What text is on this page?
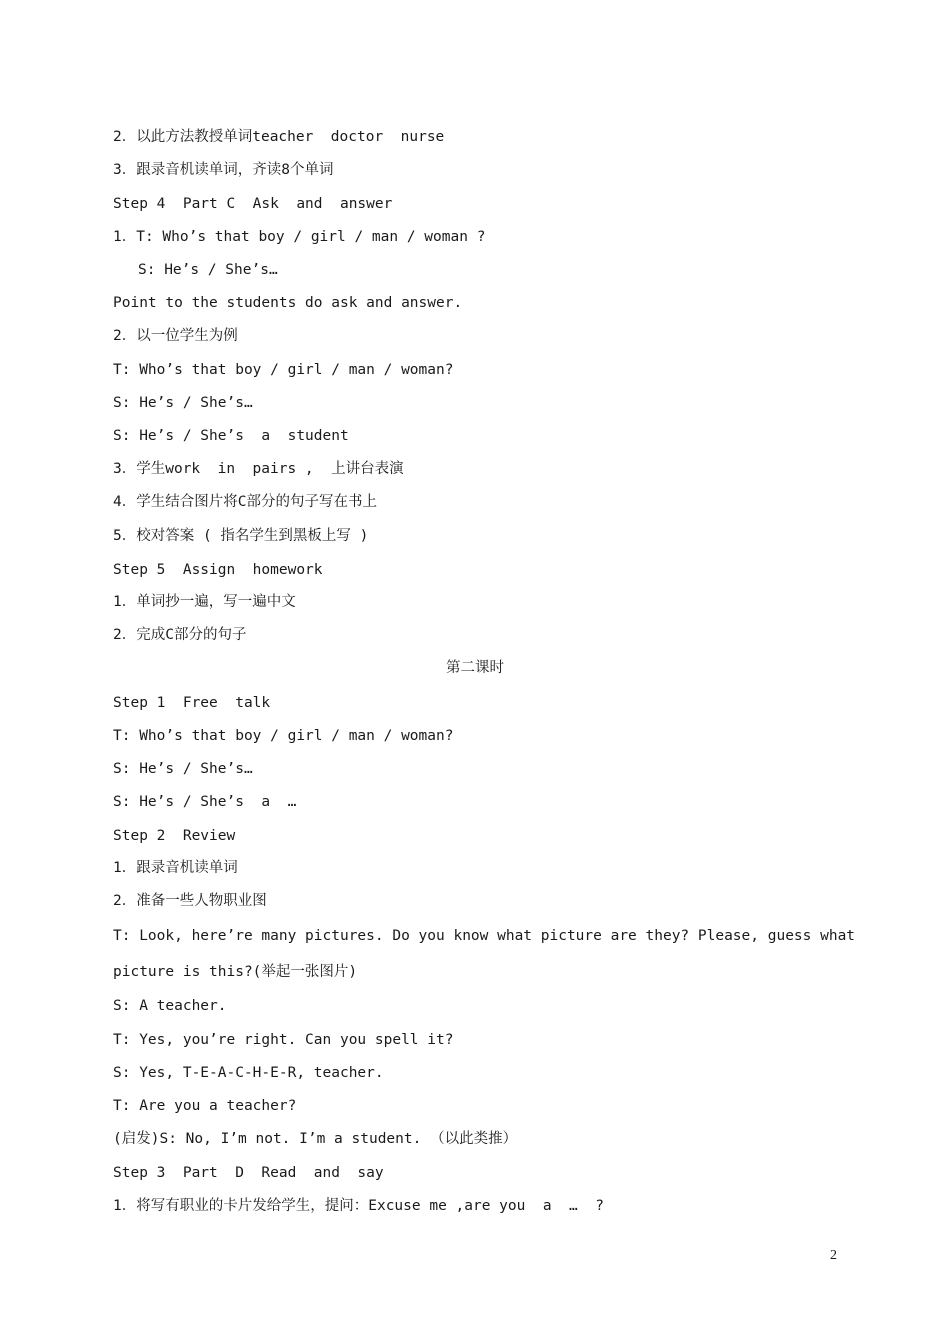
2．以此方法教授单词teacher  doctor  nurse
3．跟录音机读单词，齐读8个单词
Step 4  Part C  Ask  and  answer
1．T: Who’s that boy / girl / man / woman ?
S: He’s / She’s…
Point to the students do ask and answer.
2．以一位学生为例
T: Who’s that boy / girl / man / woman?
S: He’s / She’s…
S: He’s / She’s  a  student
3．学生work  in  pairs ,  上讲台表演
4．学生结合图片将C部分的句子写在书上
5．校对答案 ( 指名学生到黑板上写 )
Step 5  Assign  homework
1．单词抄一遍，写一遍中文
2．完成C部分的句子
第二课时
Step 1  Free  talk
T: Who’s that boy / girl / man / woman?
S: He’s / She’s…
S: He’s / She’s  a  …
Step 2  Review
1．跟录音机读单词
2．准备一些人物职业图
T: Look, here’re many pictures. Do you know what picture are they? Please, guess what
picture is this?(举起一张图片)
S: A teacher.
T: Yes, you’re right. Can you spell it?
S: Yes, T-E-A-C-H-E-R, teacher.
T: Are you a teacher?
(启发)S: No, I’m not. I’m a student. （以此类推）
Step 3  Part  D  Read  and  say
1．将写有职业的卡片发给学生，提问：Excuse me ,are you  a  …  ?
2
